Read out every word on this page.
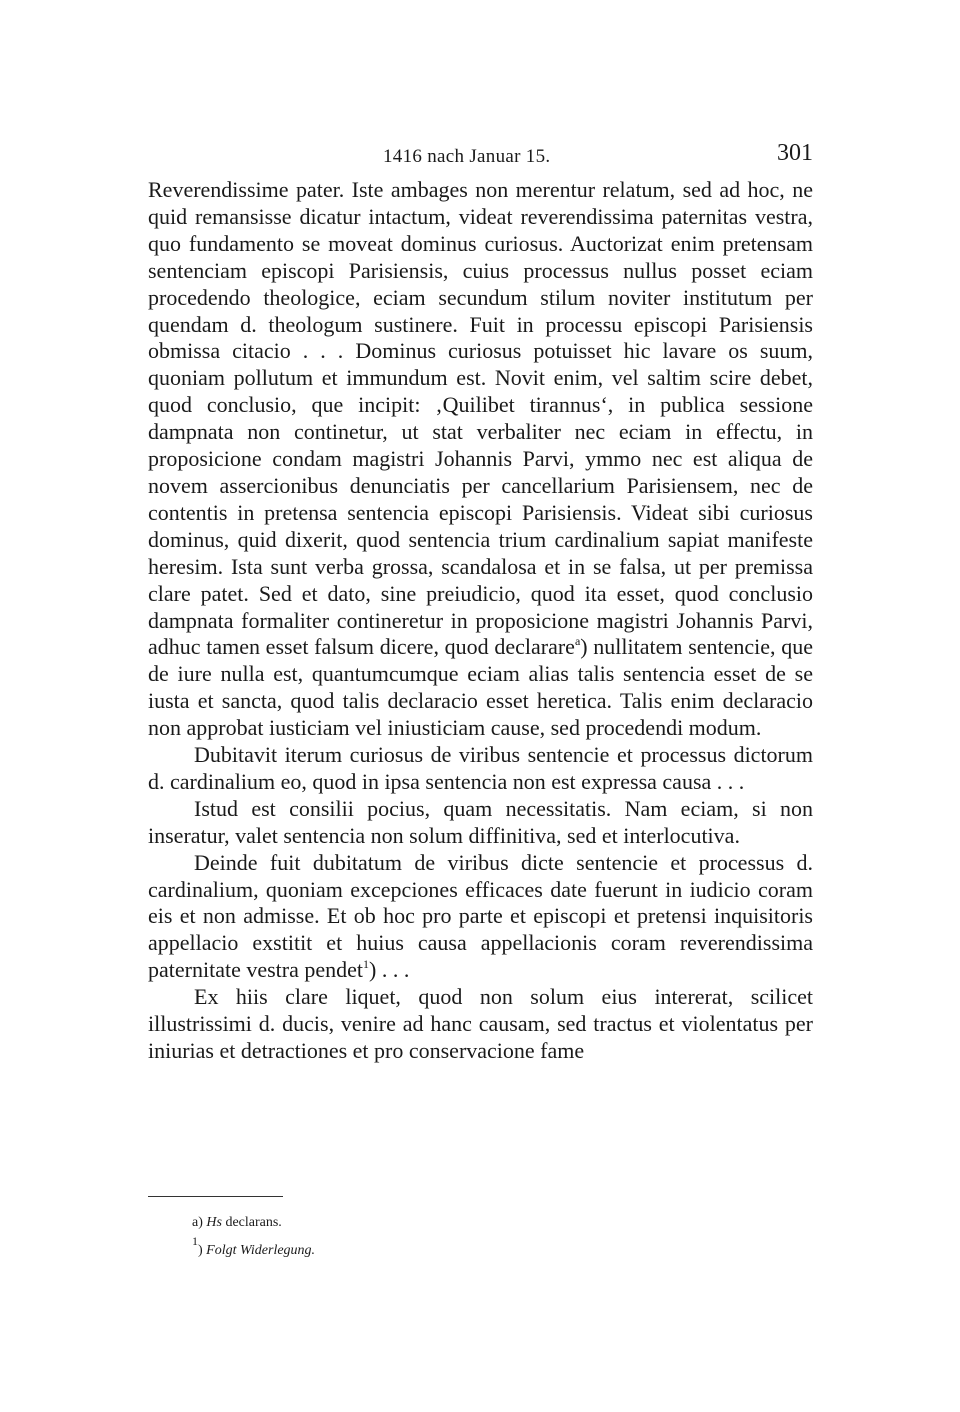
1416 nach Januar 15.	301

Reverendissime pater. Iste ambages non merentur relatum, sed ad hoc, ne quid remansisse dicatur intactum, videat reverendissima paternitas vestra, quo fundamento se moveat dominus curiosus. Auctorizat enim pretensam sentenciam episcopi Parisiensis, cuius processus nullus posset eciam procedendo theologice, eciam secundum stilum noviter institutum per quendam d. theologum sustinere. Fuit in processu episcopi Parisiensis obmissa citacio . . . Dominus curiosus potuisset hic lavare os suum, quoniam pollutum et immundum est. Novit enim, vel saltim scire debet, quod conclusio, que incipit: ‚Quilibet tirannus‘, in publica sessione dampnata non continetur, ut stat verbaliter nec eciam in effectu, in proposicione condam magistri Johannis Parvi, ymmo nec est aliqua de novem assercionibus denunciatis per cancellarium Parisiensem, nec de contentis in pretensa sentencia episcopi Parisiensis. Videat sibi curiosus dominus, quid dixerit, quod sentencia trium cardinalium sapiat manifeste heresim. Ista sunt verba grossa, scandalosa et in se falsa, ut per premissa clare patet. Sed et dato, sine preiudicio, quod ita esset, quod conclusio dampnata formaliter contineretur in proposicione magistri Johannis Parvi, adhuc tamen esset falsum dicere, quod declarare$^a$) nullitatem sentencie, que de iure nulla est, quantumcumque eciam alias talis sentencia esset de se iusta et sancta, quod talis declaracio esset heretica. Talis enim declaracio non approbat iusticiam vel iniusticiam cause, sed procedendi modum.

Dubitavit iterum curiosus de viribus sentencie et processus dictorum d. cardinalium eo, quod in ipsa sentencia non est expressa causa . . .

Istud est consilii pocius, quam necessitatis. Nam eciam, si non inseratur, valet sentencia non solum diffinitiva, sed et interlocutiva.

Deinde fuit dubitatum de viribus dicte sentencie et processus d. cardinalium, quoniam excepciones efficaces date fuerunt in iudicio coram eis et non admisse. Et ob hoc pro parte et episcopi et pretensi inquisitoris appellacio exstitit et huius causa appellacionis coram reverendissima paternitate vestra pendet$^1$) . . .

Ex hiis clare liquet, quod non solum eius intererat, scilicet illustrissimi d. ducis, venire ad hanc causam, sed tractus et violentatus per iniurias et detractiones et pro conservacione fame

a) Hs declarans.

$^1$) Folgt Widerlegung.
